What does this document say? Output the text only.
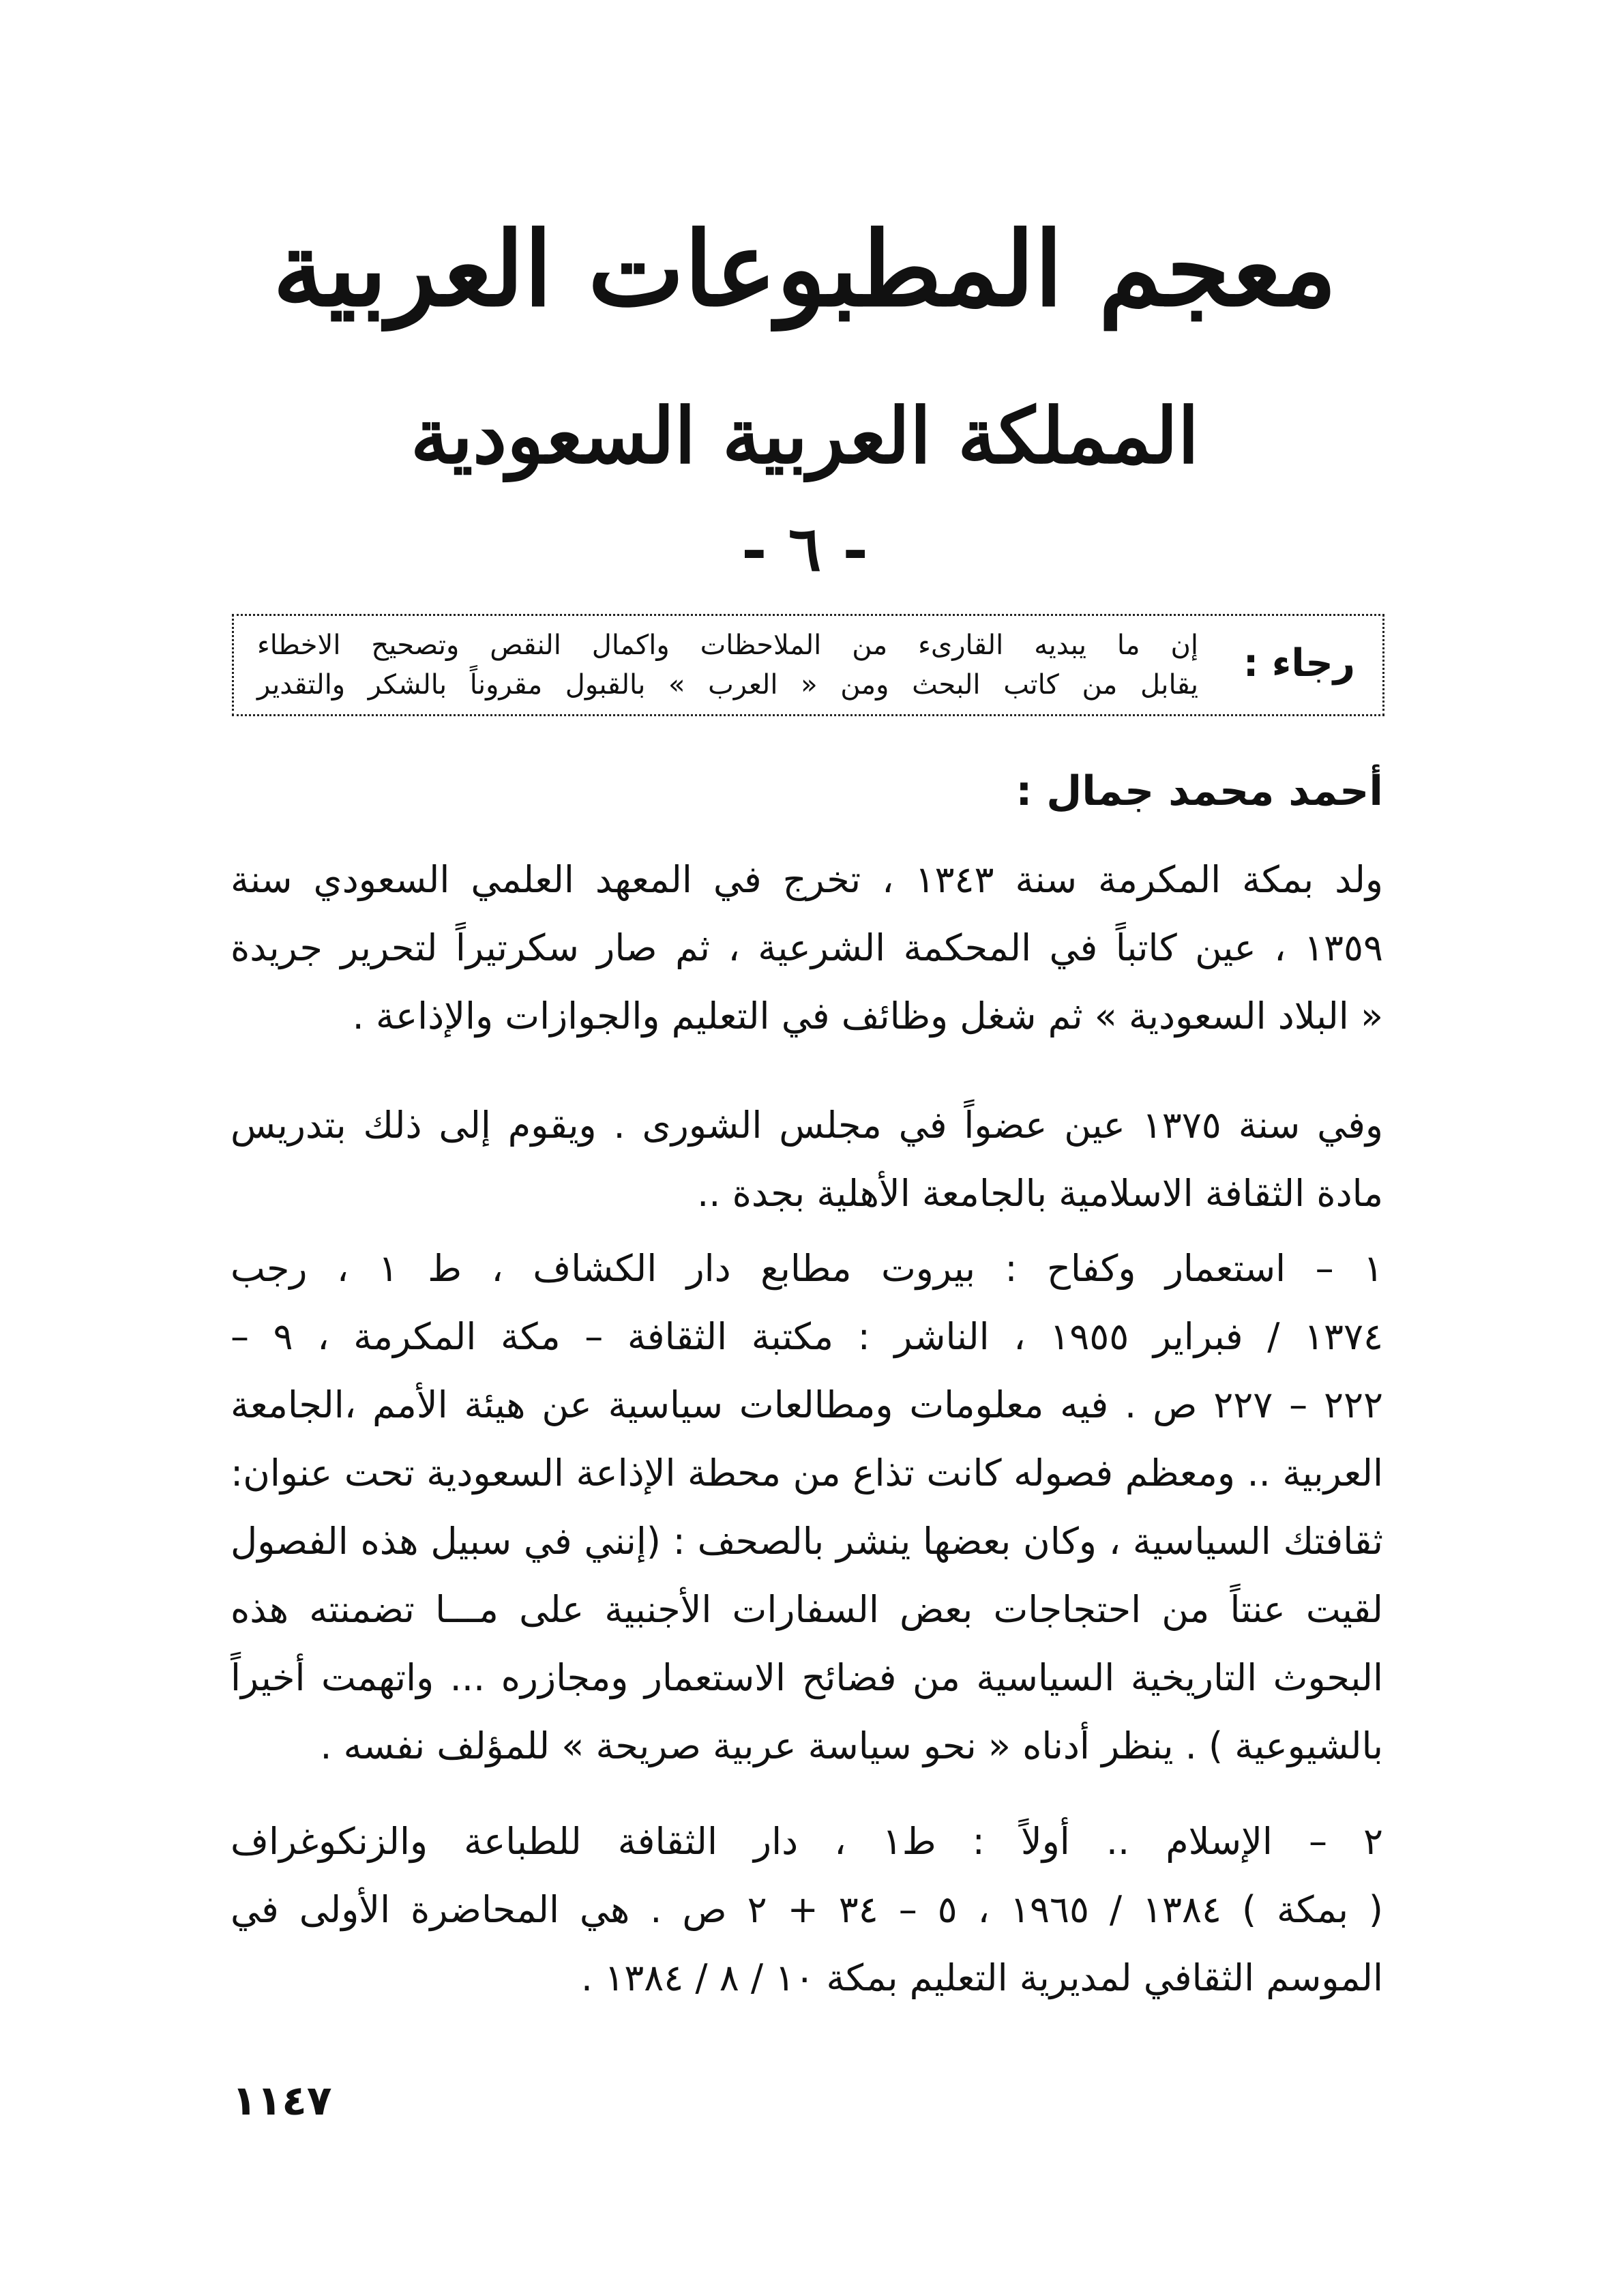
معجم المطبوعات العربية
المملكة العربية السعودية
- ٦ -
رجاء :
إن ما يبديه القارىء من الملاحظات واكمال النقص وتصحيح الاخطاء
يقابل من كاتب البحث ومن « العرب » بالقبول مقروناً بالشكر والتقدير
أحمد محمد جمال :
ولد بمكة المكرمة سنة ١٣٤٣ ، تخرج في المعهد العلمي السعودي سنة
١٣٥٩ ، عين كاتباً في المحكمة الشرعية ، ثم صار سكرتيراً لتحرير جريدة
« البلاد السعودية » ثم شغل وظائف في التعليم والجوازات والإذاعة .
وفي سنة ١٣٧٥ عين عضواً في مجلس الشورى . ويقوم إلى ذلك بتدريس
مادة الثقافة الاسلامية بالجامعة الأهلية بجدة ..
١ – استعمار وكفاح : بيروت مطابع دار الكشاف ، ط ١ ، رجب
١٣٧٤ / فبراير ١٩٥٥ ، الناشر : مكتبة الثقافة – مكة المكرمة ، ٩ –
٢٢٢ – ٢٢٧ ص . فيه معلومات ومطالعات سياسية عن هيئة الأمم ،الجامعة
العربية .. ومعظم فصوله كانت تذاع من محطة الإذاعة السعودية تحت عنوان:
ثقافتك السياسية ، وكان بعضها ينشر بالصحف : (إنني في سبيل هذه الفصول
لقيت عنتاً من احتجاجات بعض السفارات الأجنبية على مـــا تضمنته هذه
البحوث التاريخية السياسية من فضائح الاستعمار ومجازره ... واتهمت أخيراً
بالشيوعية ) . ينظر أدناه « نحو سياسة عربية صريحة » للمؤلف نفسه .
٢ – الإسلام .. أولاً : ط١ ، دار الثقافة للطباعة والزنكوغراف
( بمكة ) ١٣٨٤ / ١٩٦٥ ، ٥ – ٣٤ + ٢ ص . هي المحاضرة الأولى في
الموسم الثقافي لمديرية التعليم بمكة ١٠ / ٨ / ١٣٨٤ .
١١٤٧
